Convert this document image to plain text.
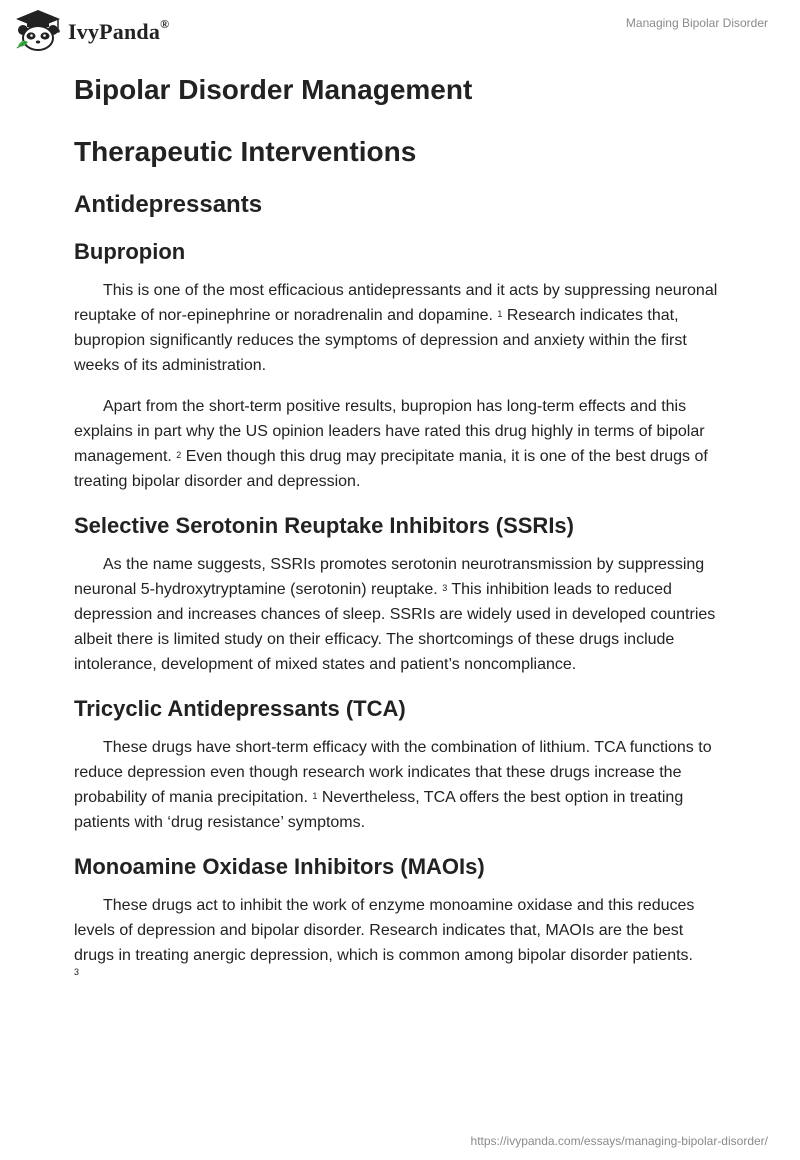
IvyPanda®	Managing Bipolar Disorder
Bipolar Disorder Management
Therapeutic Interventions
Antidepressants
Bupropion

This is one of the most efficacious antidepressants and it acts by suppressing neuronal reuptake of nor-epinephrine or noradrenalin and dopamine. $^1$ Research indicates that, bupropion significantly reduces the symptoms of depression and anxiety within the first weeks of its administration.

Apart from the short-term positive results, bupropion has long-term effects and this explains in part why the US opinion leaders have rated this drug highly in terms of bipolar management. $^2$ Even though this drug may precipitate mania, it is one of the best drugs of treating bipolar disorder and depression.

Selective Serotonin Reuptake Inhibitors (SSRIs)

As the name suggests, SSRIs promotes serotonin neurotransmission by suppressing neuronal 5-hydroxytryptamine (serotonin) reuptake. $^3$ This inhibition leads to reduced depression and increases chances of sleep. SSRIs are widely used in developed countries albeit there is limited study on their efficacy. The shortcomings of these drugs include intolerance, development of mixed states and patient’s noncompliance.

Tricyclic Antidepressants (TCA)

These drugs have short-term efficacy with the combination of lithium. TCA functions to reduce depression even though research work indicates that these drugs increase the probability of mania precipitation. $^1$ Nevertheless, TCA offers the best option in treating patients with ‘drug resistance’ symptoms.

Monoamine Oxidase Inhibitors (MAOIs)

These drugs act to inhibit the work of enzyme monoamine oxidase and this reduces levels of depression and bipolar disorder. Research indicates that, MAOIs are the best drugs in treating anergic depression, which is common among bipolar disorder patients.
3

https://ivypanda.com/essays/managing-bipolar-disorder/
